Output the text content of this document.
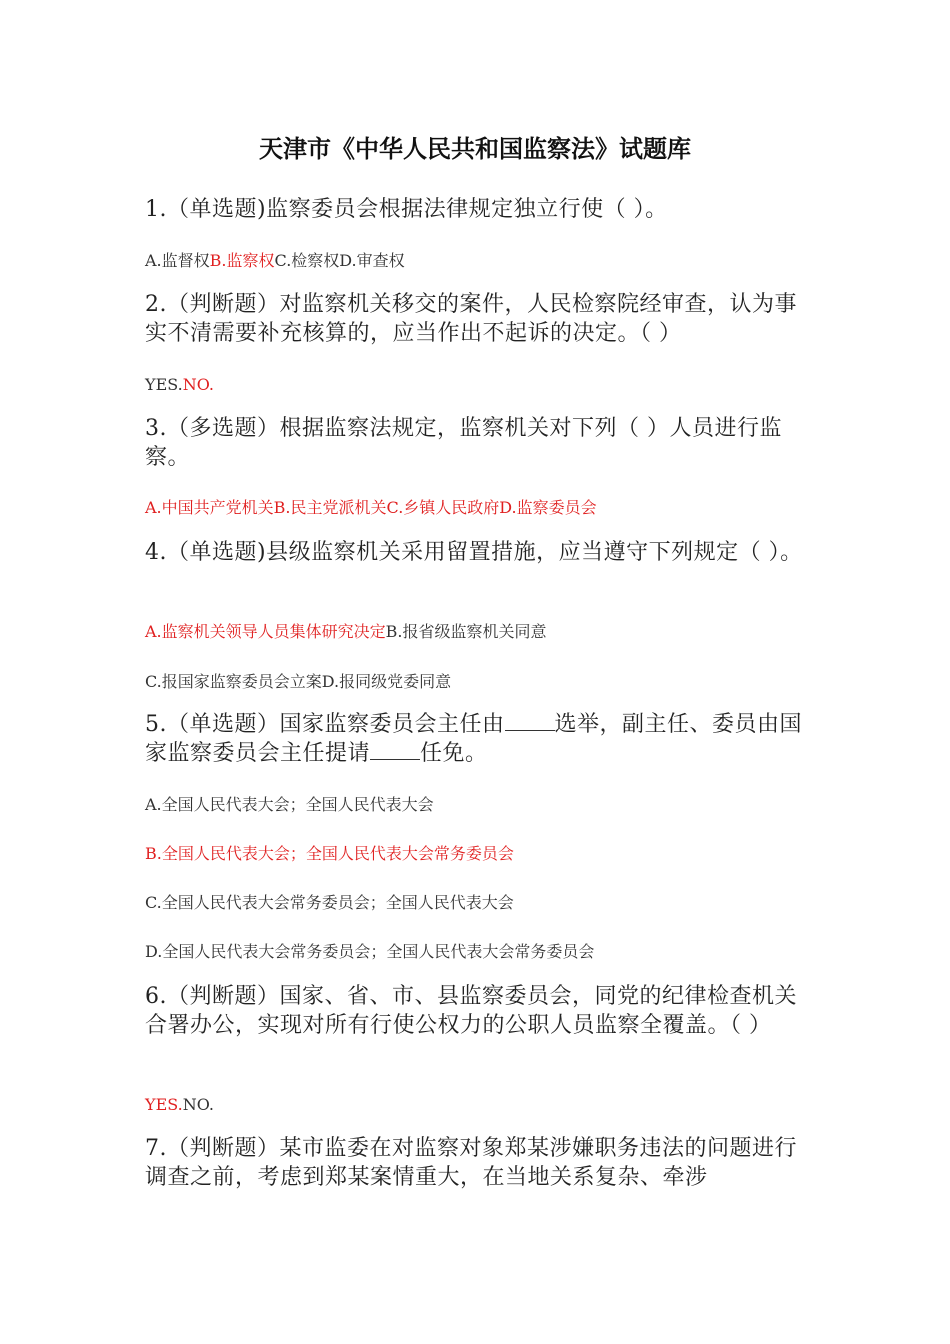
天津市《中华人民共和国监察法》试题库
1.（单选题)监察委员会根据法律规定独立行使（ ）。
A.监督权B.监察权C.检察权D.审查权
2.（判断题）对监察机关移交的案件，人民检察院经审查，认为事实不清需要补充核算的，应当作出不起诉的决定。（ ）
YES.NO.
3.（多选题）根据监察法规定，监察机关对下列（ ）人员进行监察。
A.中国共产党机关B.民主党派机关C.乡镇人民政府D.监察委员会
4.（单选题)县级监察机关采用留置措施，应当遵守下列规定（ ）。
A.监察机关领导人员集体研究决定B.报省级监察机关同意
C.报国家监察委员会立案D.报同级党委同意
5.（单选题）国家监察委员会主任由 选举，副主任、委员由国家监察委员会主任提请 任免。
A.全国人民代表大会；全国人民代表大会
B.全国人民代表大会；全国人民代表大会常务委员会
C.全国人民代表大会常务委员会；全国人民代表大会
D.全国人民代表大会常务委员会；全国人民代表大会常务委员会
6.（判断题）国家、省、市、县监察委员会，同党的纪律检查机关合署办公，实现对所有行使公权力的公职人员监察全覆盖。（ ）
YES.NO.
7.（判断题）某市监委在对监察对象郑某涉嫌职务违法的问题进行调查之前，考虑到郑某案情重大，在当地关系复杂、牵涉
